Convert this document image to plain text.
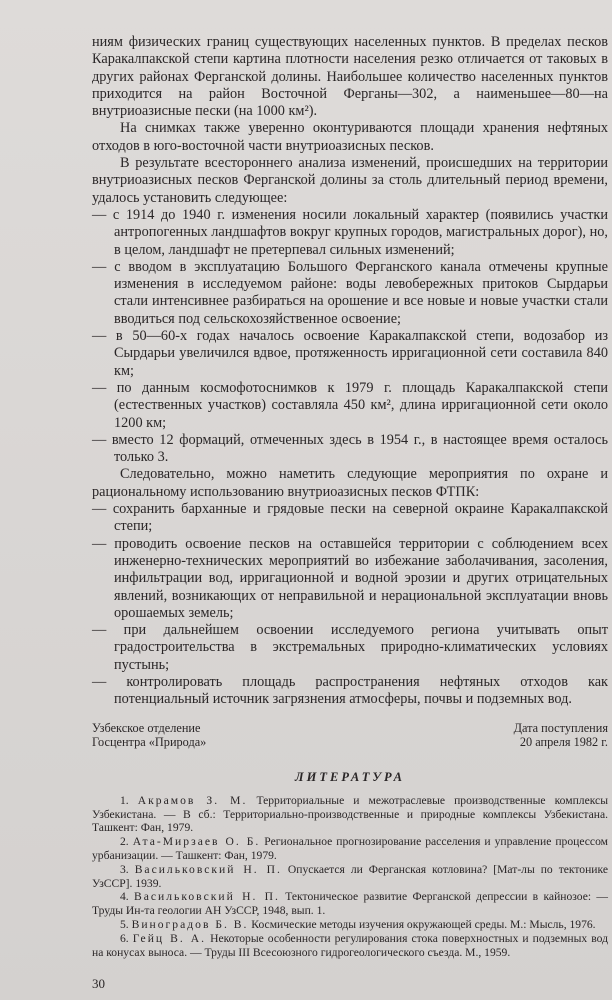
ниям физических границ существующих населенных пунктов. В пределах песков Каракалпакской степи картина плотности населения резко отличается от таковых в других районах Ферганской долины. Наибольшее количество населенных пунктов приходится на район Восточной Ферганы—302, а наименьшее—80—на внутриоазисные пески (на 1000 км²).

На снимках также уверенно оконтуриваются площади хранения нефтяных отходов в юго-восточной части внутриоазисных песков.

В результате всестороннего анализа изменений, происшедших на территории внутриоазисных песков Ферганской долины за столь длительный период времени, удалось установить следующее:

— с 1914 до 1940 г. изменения носили локальный характер (появились участки антропогенных ландшафтов вокруг крупных городов, магистральных дорог), но, в целом, ландшафт не претерпевал сильных изменений;

— с вводом в эксплуатацию Большого Ферганского канала отмечены крупные изменения в исследуемом районе: воды левобережных притоков Сырдарьи стали интенсивнее разбираться на орошение и все новые и новые участки стали вводиться под сельскохозяйственное освоение;

— в 50—60-х годах началось освоение Каракалпакской степи, водозабор из Сырдарьи увеличился вдвое, протяженность ирригационной сети составила 840 км;

— по данным космофотоснимков к 1979 г. площадь Каракалпакской степи (естественных участков) составляла 450 км², длина ирригационной сети около 1200 км;

— вместо 12 формаций, отмеченных здесь в 1954 г., в настоящее время осталось только 3.

Следовательно, можно наметить следующие мероприятия по охране и рациональному использованию внутриоазисных песков ФТПК:

— сохранить барханные и грядовые пески на северной окраине Каракалпакской степи;

— проводить освоение песков на оставшейся территории с соблюдением всех инженерно-технических мероприятий во избежание заболачивания, засоления, инфильтрации вод, ирригационной и водной эрозии и других отрицательных явлений, возникающих от неправильной и нерациональной эксплуатации вновь орошаемых земель;

— при дальнейшем освоении исследуемого региона учитывать опыт градостроительства в экстремальных природно-климатических условиях пустынь;

— контролировать площадь распространения нефтяных отходов как потенциальный источник загрязнения атмосферы, почвы и подземных вод.

Узбекское отделение
Госцентра «Природа»
Дата поступления
20 апреля 1982 г.
ЛИТЕРАТУРА

1. Акрамов З. М. Территориальные и межотраслевые производственные комплексы Узбекистана. — В сб.: Территориально-производственные и природные комплексы Узбекистана. Ташкент: Фан, 1979.

2. Ата-Мирзаев О. Б. Региональное прогнозирование расселения и управление процессом урбанизации. — Ташкент: Фан, 1979.

3. Васильковский Н. П. Опускается ли Ферганская котловина? [Мат-лы по тектонике УзССР]. 1939.

4. Васильковский Н. П. Тектоническое развитие Ферганской депрессии в кайнозое: — Труды Ин-та геологии АН УзССР, 1948, вып. 1.

5. Виноградов Б. В. Космические методы изучения окружающей среды. М.: Мысль, 1976.

6. Гейц В. А. Некоторые особенности регулирования стока поверхностных и подземных вод на конусах выноса. — Труды III Всесоюзного гидрогеологического съезда. М., 1959.

30
